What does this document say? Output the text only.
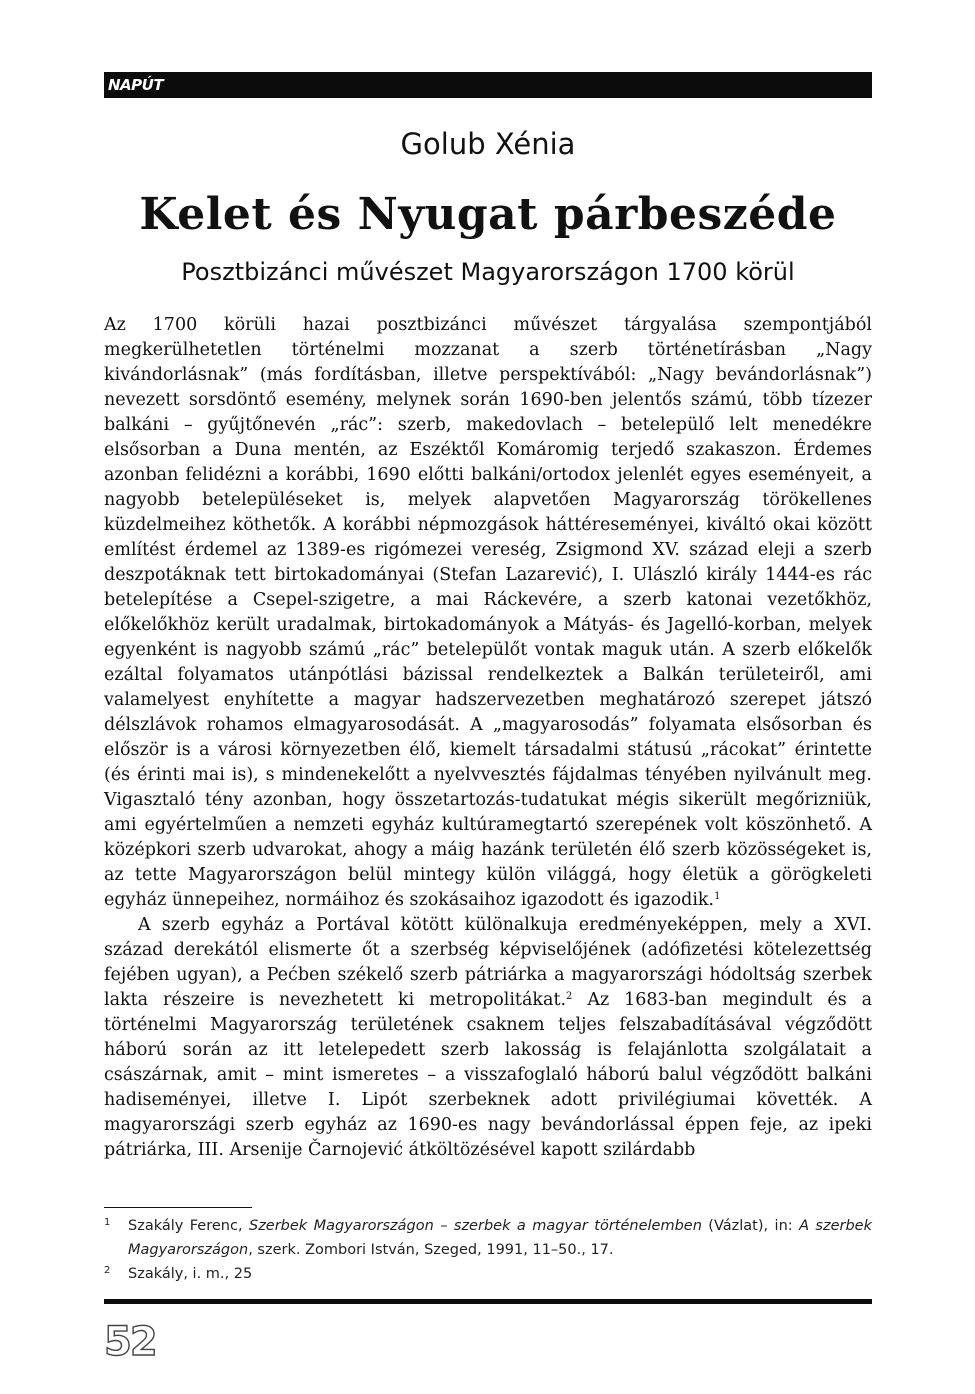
NAPÚT
Golub Xénia
Kelet és Nyugat párbeszéde
Posztbizánci művészet Magyarországon 1700 körül

Az 1700 körüli hazai posztbizánci művészet tárgyalása szempontjából megkerülhetetlen történelmi mozzanat a szerb történetírásban „Nagy kivándorlásnak” (más fordításban, illetve perspektívából: „Nagy bevándorlásnak”) nevezett sorsdöntő esemény, melynek során 1690-ben jelentős számú, több tízezer balkáni – gyűjtőnevén „rác”: szerb, makedovlach – betelepülő lelt menedékre elsősorban a Duna mentén, az Eszéktől Komáromig terjedő szakaszon. Érdemes azonban felidézni a korábbi, 1690 előtti balkáni/ortodox jelenlét egyes eseményeit, a nagyobb betelepüléseket is, melyek alapvetően Magyarország törökellenes küzdelmeihez köthetők. A korábbi népmozgások háttéreseményei, kiváltó okai között említést érdemel az 1389-es rigómezei vereség, Zsigmond XV. század eleji a szerb deszpotáknak tett birtokadományai (Stefan Lazarević), I. Ulászló király 1444-es rác betelepítése a Csepel-szigetre, a mai Ráckevére, a szerb katonai vezetőkhöz, előkelőkhöz került uradalmak, birtokadományok a Mátyás- és Jagelló-korban, melyek egyenként is nagyobb számú „rác” betelepülőt vontak maguk után. A szerb előkelők ezáltal folyamatos utánpótlási bázissal rendelkeztek a Balkán területeiről, ami valamelyest enyhítette a magyar hadszervezetben meghatározó szerepet játszó délszlávok rohamos elmagyarosodását. A „magyarosodás” folyamata elsősorban és először is a városi környezetben élő, kiemelt társadalmi státusú „rácokat” érintette (és érinti mai is), s mindenekelőtt a nyelvvesztés fájdalmas tényében nyilvánult meg. Vigasztaló tény azonban, hogy összetartozás-tudatukat mégis sikerült megőrizniük, ami egyértelműen a nemzeti egyház kultúramegtartó szerepének volt köszönhető. A középkori szerb udvarokat, ahogy a máig hazánk területén élő szerb közösségeket is, az tette Magyarországon belül mintegy külön világgá, hogy életük a görögkeleti egyház ünnepeihez, normáihoz és szokásaihoz igazodott és igazodik.$^1$

A szerb egyház a Portával kötött különalkuja eredményeképpen, mely a XVI. század derekától elismerte őt a szerbség képviselőjének (adófizetési kötelezettség fejében ugyan), a Pećben székelő szerb pátriárka a magyarországi hódoltság szerbek lakta részeire is nevezhetett ki metropolitákat.$^2$ Az 1683-ban megindult és a történelmi Magyarország területének csaknem teljes felszabadításával végződött háború során az itt letelepedett szerb lakosság is felajánlotta szolgálatait a császárnak, amit – mint ismeretes – a visszafoglaló háború balul végződött balkáni hadiseményei, illetve I. Lipót szerbeknek adott privilégiumai követték. A magyarországi szerb egyház az 1690-es nagy bevándorlással éppen feje, az ipeki pátriárka, III. Arsenije Čarnojević átköltözésével kapott szilárdabb

1 Szakály Ferenc, Szerbek Magyarországon – szerbek a magyar történelemben (Vázlat), in: A szerbek Magyarországon, szerk. Zombori István, Szeged, 1991, 11–50., 17.
2 Szakály, i. m., 25
52
